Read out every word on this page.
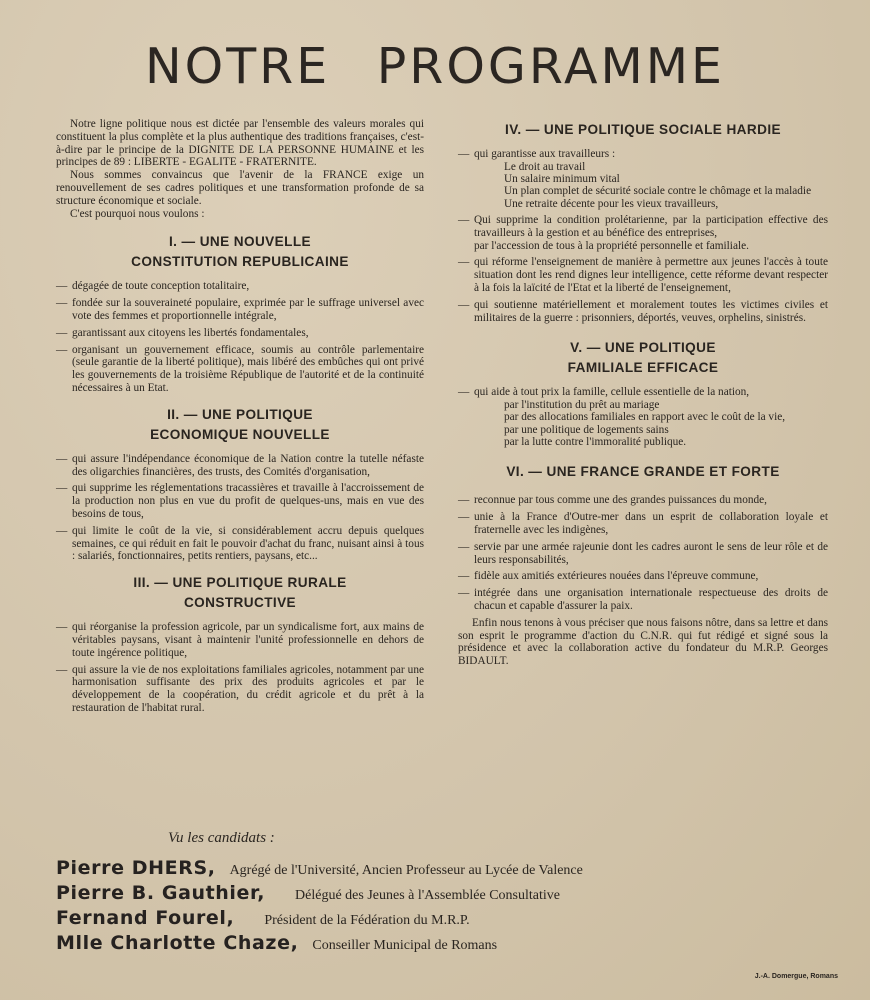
NOTRE PROGRAMME

Notre ligne politique nous est dictée par l'ensemble des valeurs morales qui constituent la plus complète et la plus authentique des traditions françaises, c'est-à-dire par le principe de la DIGNITE DE LA PERSONNE HUMAINE et les principes de 89 : LIBERTE - EGALITE - FRATERNITE.

Nous sommes convaincus que l'avenir de la FRANCE exige un renouvellement de ses cadres politiques et une transformation profonde de sa structure économique et sociale.

C'est pourquoi nous voulons :

I. — UNE NOUVELLE
CONSTITUTION REPUBLICAINE
— dégagée de toute conception totalitaire,
— fondée sur la souveraineté populaire, exprimée par le suffrage universel avec vote des femmes et proportionnelle intégrale,
— garantissant aux citoyens les libertés fondamentales,
— organisant un gouvernement efficace, soumis au contrôle parlementaire (seule garantie de la liberté politique), mais libéré des embûches qui ont privé les gouvernements de la troisième République de l'autorité et de la continuité nécessaires à un Etat.
II. — UNE POLITIQUE
ECONOMIQUE NOUVELLE
— qui assure l'indépendance économique de la Nation contre la tutelle néfaste des oligarchies financières, des trusts, des Comités d'organisation,
— qui supprime les réglementations tracassières et travaille à l'accroissement de la production non plus en vue du profit de quelques-uns, mais en vue des besoins de tous,
— qui limite le coût de la vie, si considérablement accru depuis quelques semaines, ce qui réduit en fait le pouvoir d'achat du franc, nuisant ainsi à tous : salariés, fonctionnaires, petits rentiers, paysans, etc...
III. — UNE POLITIQUE RURALE
CONSTRUCTIVE
— qui réorganise la profession agricole, par un syndicalisme fort, aux mains de véritables paysans, visant à maintenir l'unité professionnelle en dehors de toute ingérence politique,
— qui assure la vie de nos exploitations familiales agricoles, notamment par une harmonisation suffisante des prix des produits agricoles et par le développement de la coopération, du crédit agricole et du prêt à la restauration de l'habitat rural.
IV. — UNE POLITIQUE SOCIALE HARDIE
— qui garantisse aux travailleurs :
Le droit au travail
Un salaire minimum vital
Un plan complet de sécurité sociale contre le chômage et la maladie
Une retraite décente pour les vieux travailleurs,
— Qui supprime la condition prolétarienne, par la participation effective des travailleurs à la gestion et au bénéfice des entreprises,

par l'accession de tous à la propriété personnelle et familiale.

— qui réforme l'enseignement de manière à permettre aux jeunes l'accès à toute situation dont les rend dignes leur intelligence, cette réforme devant respecter à la fois la laïcité de l'Etat et la liberté de l'enseignement,
— qui soutienne matériellement et moralement toutes les victimes civiles et militaires de la guerre : prisonniers, déportés, veuves, orphelins, sinistrés.
V. — UNE POLITIQUE
FAMILIALE EFFICACE
— qui aide à tout prix la famille, cellule essentielle de la nation,
par l'institution du prêt au mariage
par des allocations familiales en rapport avec le coût de la vie,
par une politique de logements sains
par la lutte contre l'immoralité publique.
VI. — UNE FRANCE GRANDE ET FORTE
— reconnue par tous comme une des grandes puissances du monde,
— unie à la France d'Outre-mer dans un esprit de collaboration loyale et fraternelle avec les indigènes,
— servie par une armée rajeunie dont les cadres auront le sens de leur rôle et de leurs responsabilités,
— fidèle aux amitiés extérieures nouées dans l'épreuve commune,
— intégrée dans une organisation internationale respectueuse des droits de chacun et capable d'assurer la paix.

Enfin nous tenons à vous préciser que nous faisons nôtre, dans sa lettre et dans son esprit le programme d'action du C.N.R. qui fut rédigé et signé sous la présidence et avec la collaboration active du fondateur du M.R.P. Georges BIDAULT.

Vu les candidats :
Pierre DHERS, Agrégé de l'Université, Ancien Professeur au Lycée de Valence
Pierre B. Gauthier, Délégué des Jeunes à l'Assemblée Consultative
Fernand Fourel, Président de la Fédération du M.R.P.
Mlle Charlotte Chaze, Conseiller Municipal de Romans
J.-A. Domergue, Romans
